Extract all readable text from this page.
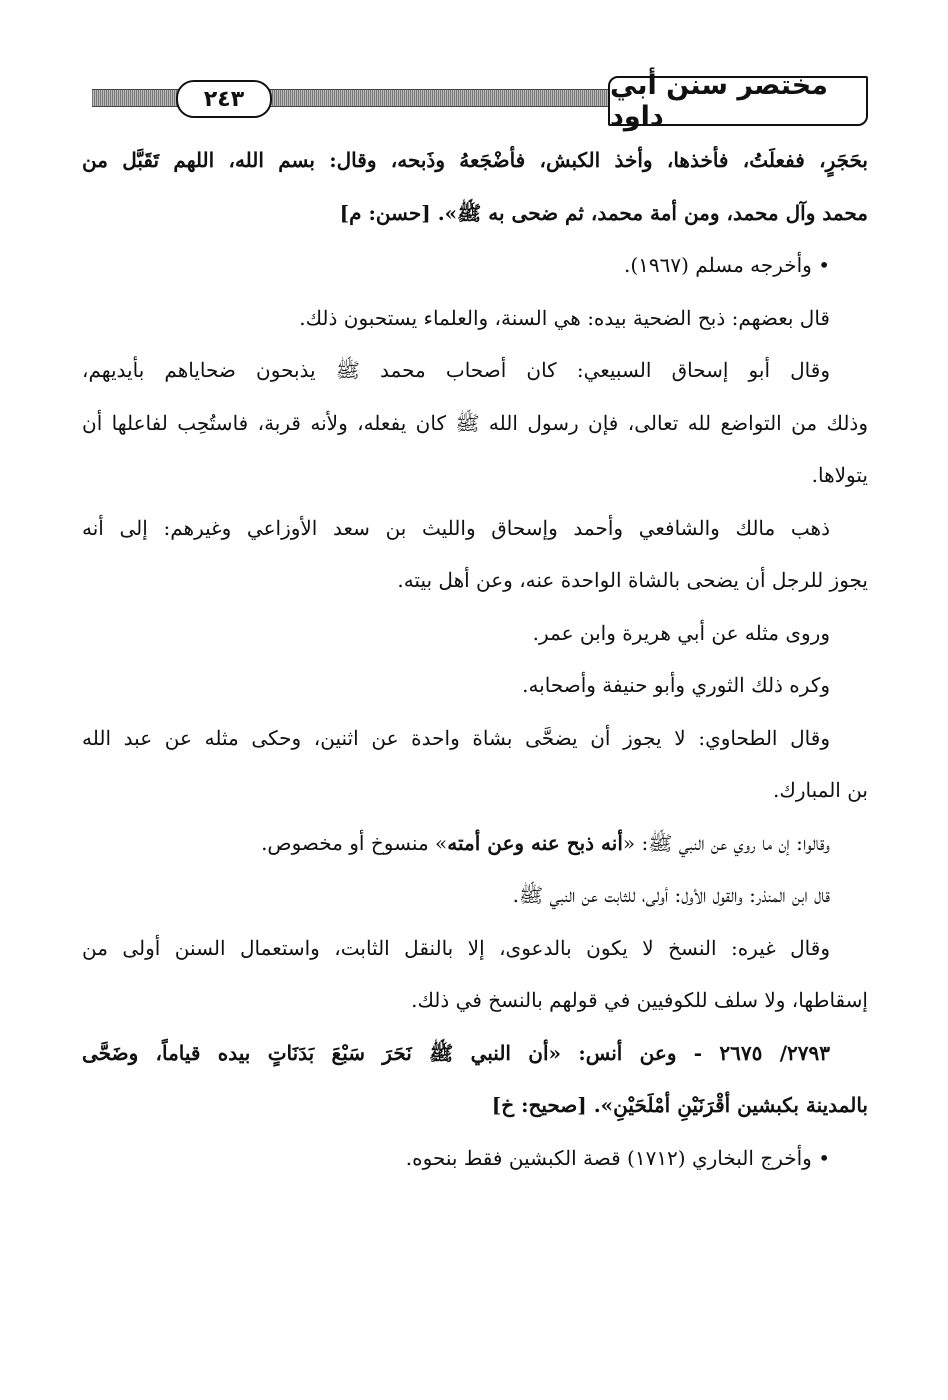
٢٤٣	مختصر سنن أبي داود
بحَجَرٍ، ففعلَتُ، فأخذها، وأخذ الكبش، فأضْجَعهُ وذَبحه، وقال: بسم الله، اللهم تَقَبَّل من
محمد وآل محمد، ومن أمة محمد، ثم ضحى به ﷺ». [حسن: م]
• وأخرجه مسلم (١٩٦٧).
قال بعضهم: ذبح الضحية بيده: هي السنة، والعلماء يستحبون ذلك.
وقال أبو إسحاق السبيعي: كان أصحاب محمد ﷺ يذبحون ضحاياهم بأيديهم،
وذلك من التواضع لله تعالى، فإن رسول الله ﷺ كان يفعله، ولأنه قربة، فاستُحِب لفاعلها أن
يتولاها.
ذهب مالك والشافعي وأحمد وإسحاق والليث بن سعد الأوزاعي وغيرهم: إلى أنه
يجوز للرجل أن يضحى بالشاة الواحدة عنه، وعن أهل بيته.
وروى مثله عن أبي هريرة وابن عمر.
وكره ذلك الثوري وأبو حنيفة وأصحابه.
وقال الطحاوي: لا يجوز أن يضحَّى بشاة واحدة عن اثنين، وحكى مثله عن عبد الله
بن المبارك.
وقالوا: إن ما روي عن النبي ﷺ: «أنه ذبح عنه وعن أمته» منسوخ أو مخصوص.
قال ابن المنذر: والقول الأول: أولى، للثابت عن النبي ﷺ.
وقال غيره: النسخ لا يكون بالدعوى، إلا بالنقل الثابت، واستعمال السنن أولى من
إسقاطها، ولا سلف للكوفيين في قولهم بالنسخ في ذلك.
٢٧٩٣/ ٢٦٧٥ - وعن أنس: «أن النبي ﷺ نَحَرَ سَبْعَ بَدَنَاتٍ بيده قياماً، وضَحَّى
بالمدينة بكبشين أقْرَنَيْنِ أمْلَحَيْنِ». [صحيح: خ]
• وأخرج البخاري (١٧١٢) قصة الكبشين فقط بنحوه.
